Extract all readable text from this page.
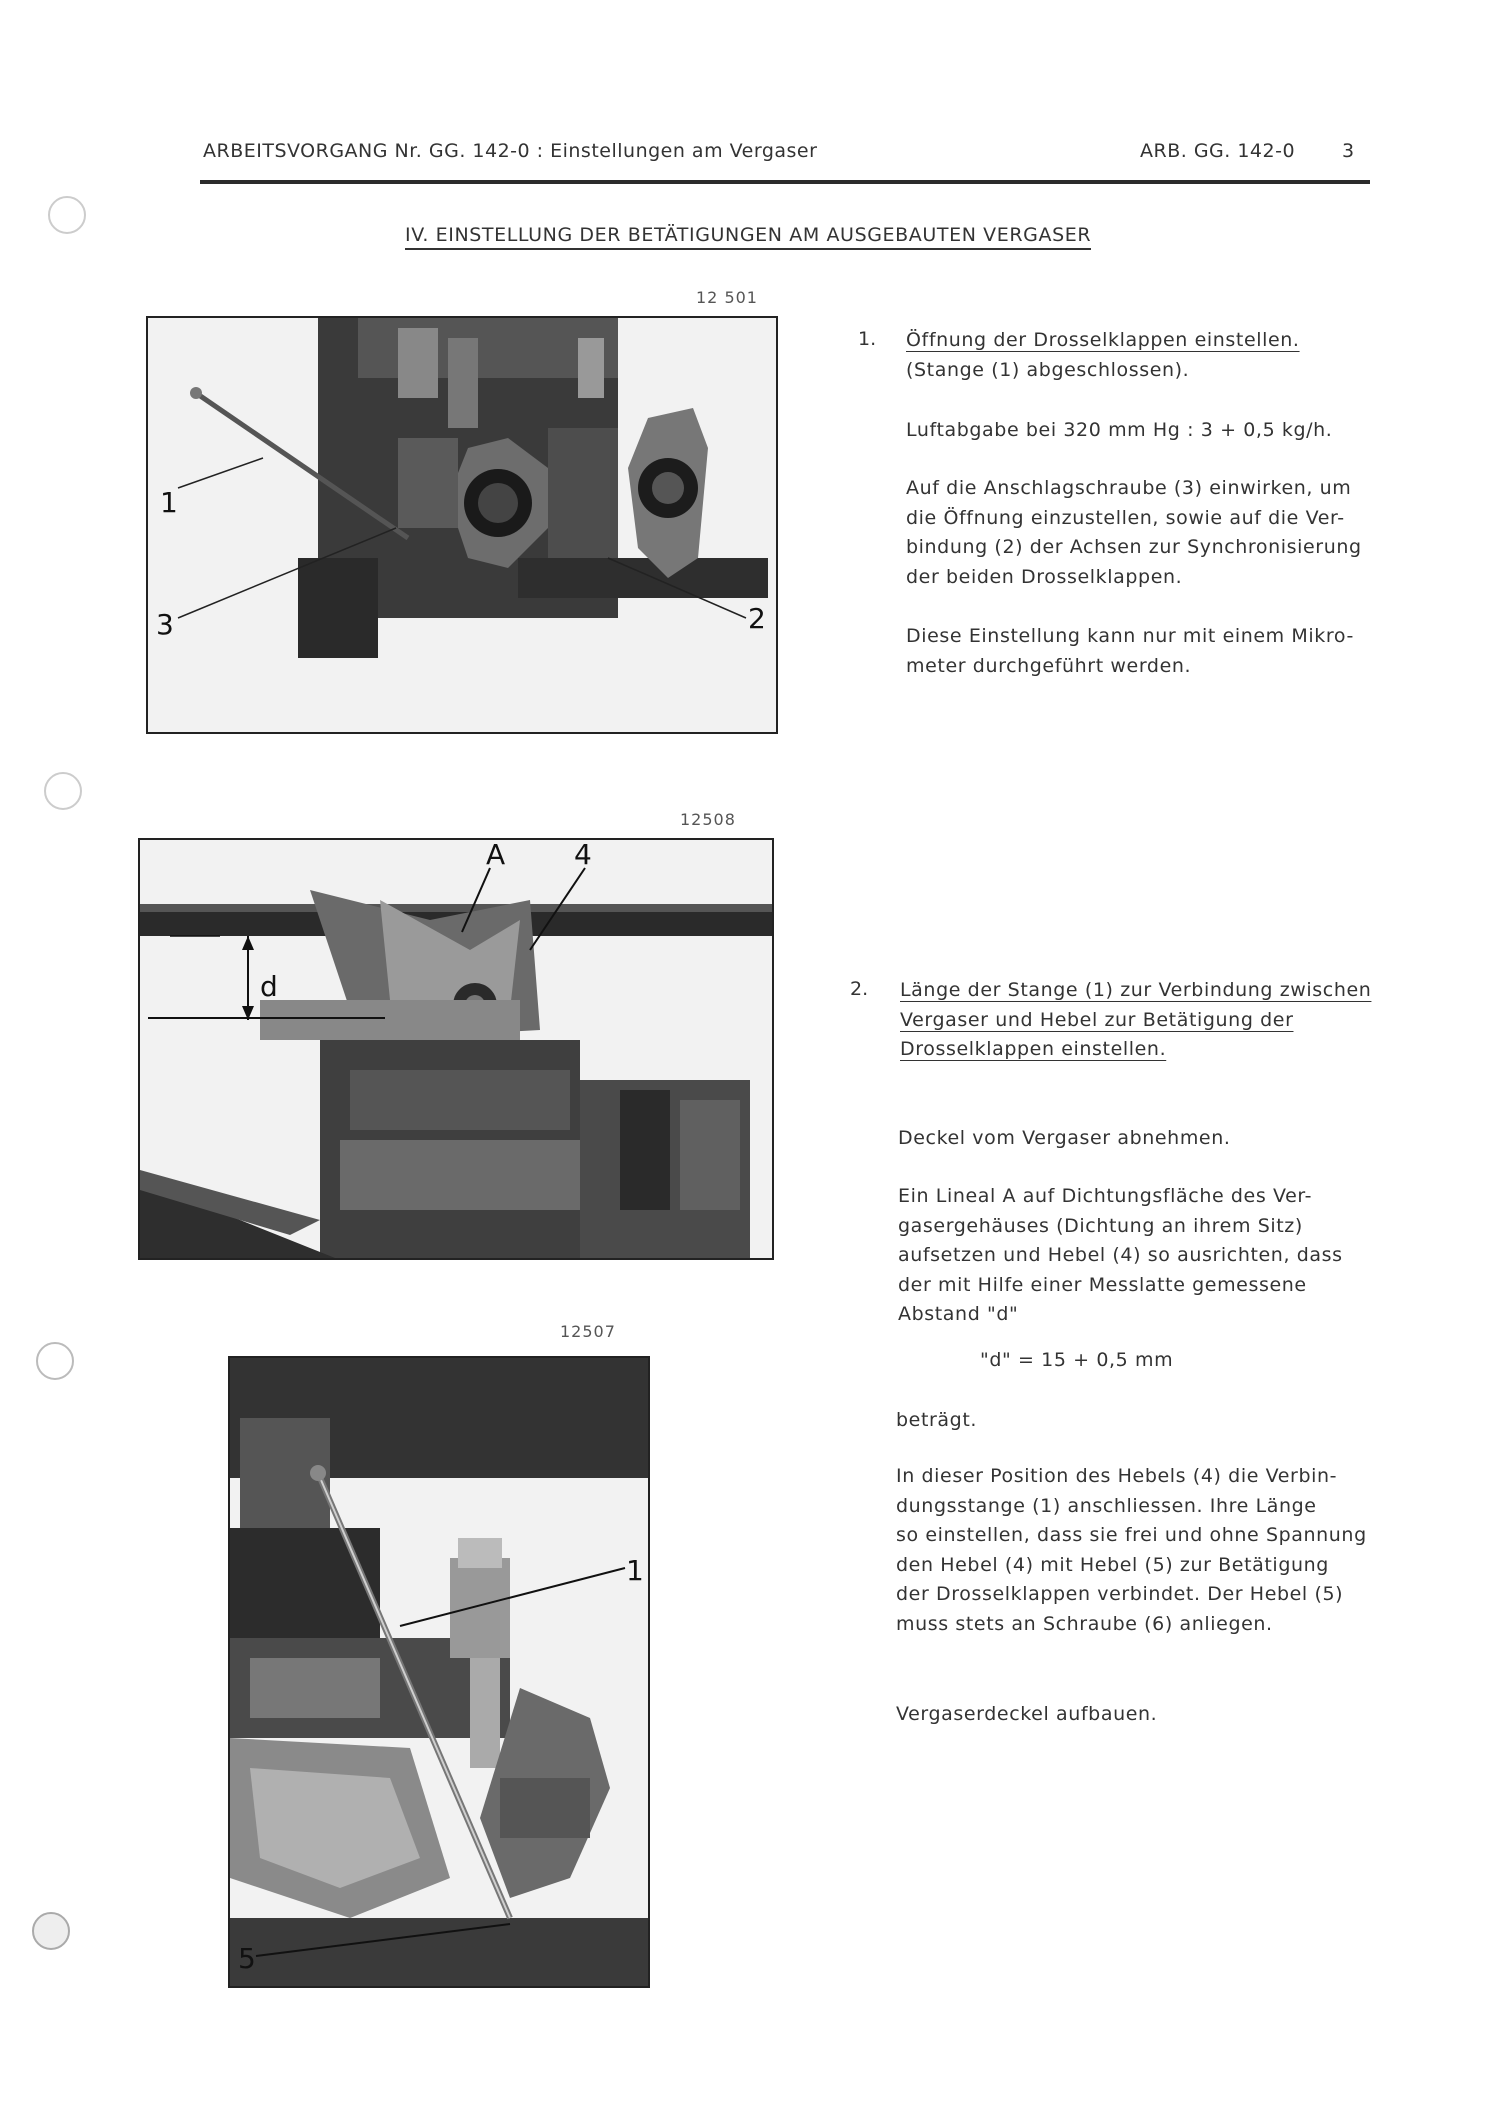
ARBEITSVORGANG Nr. GG. 142-0 : Einstellungen am Vergaser	ARB. GG. 142-0 3
IV. EINSTELLUNG DER BETÄTIGUNGEN AM AUSGEBAUTEN VERGASER
12 501
1
3	2
1. Öffnung der Drosselklappen einstellen.
(Stange (1) abgeschlossen).
Luftabgabe bei 320 mm Hg : 3 + 0,5 kg/h.
Auf die Anschlagschraube (3) einwirken, um
die Öffnung einzustellen, sowie auf die Ver-
bindung (2) der Achsen zur Synchronisierung
der beiden Drosselklappen.
Diese Einstellung kann nur mit einem Mikro-
meter durchgeführt werden.
12508
A 4
d
12507
1
5
2. Länge der Stange (1) zur Verbindung zwischen
Vergaser und Hebel zur Betätigung der
Drosselklappen einstellen.
Deckel vom Vergaser abnehmen.
Ein Lineal A auf Dichtungsfläche des Ver-
gasergehäuses (Dichtung an ihrem Sitz)
aufsetzen und Hebel (4) so ausrichten, dass
der mit Hilfe einer Messlatte gemessene
Abstand "d"
"d" = 15 + 0,5 mm
beträgt.
In dieser Position des Hebels (4) die Verbin-
dungsstange (1) anschliessen. Ihre Länge
so einstellen, dass sie frei und ohne Spannung
den Hebel (4) mit Hebel (5) zur Betätigung
der Drosselklappen verbindet. Der Hebel (5)
muss stets an Schraube (6) anliegen.
Vergaserdeckel aufbauen.
